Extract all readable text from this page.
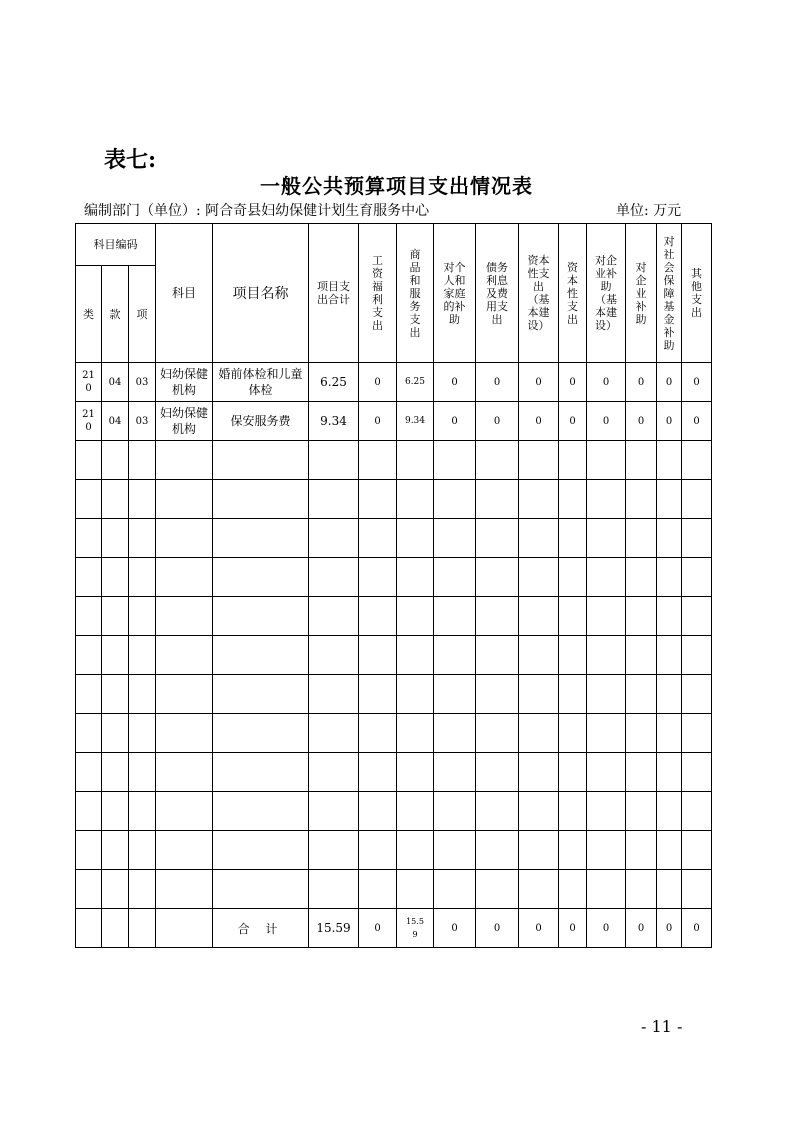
表七:
一般公共预算项目支出情况表
编制部门（单位）: 阿合奇县妇幼保健计划生育服务中心	单位: 万元
科目编码			科目	项目名称	项目支出合计	工资福利支出	商品和服务支出	对个人和家庭的补助	债务利息及费用支出	资本性支出（基本建设）	资本性支出	对企业补助（基本建设）	对企业补助	对社会保障基金补助	其他支出
类	款	项													
210	04	03	妇幼保健机构	婚前体检和儿童体检	6.25	0	6.25	0	0	0	0	0	0	0	0
210	04	03	妇幼保健机构	保安服务费	9.34	0	9.34	0	0	0	0	0	0	0	0

				合 计	15.59	0	15.59	0	0	0	0	0	0	0	0
- 11 -
